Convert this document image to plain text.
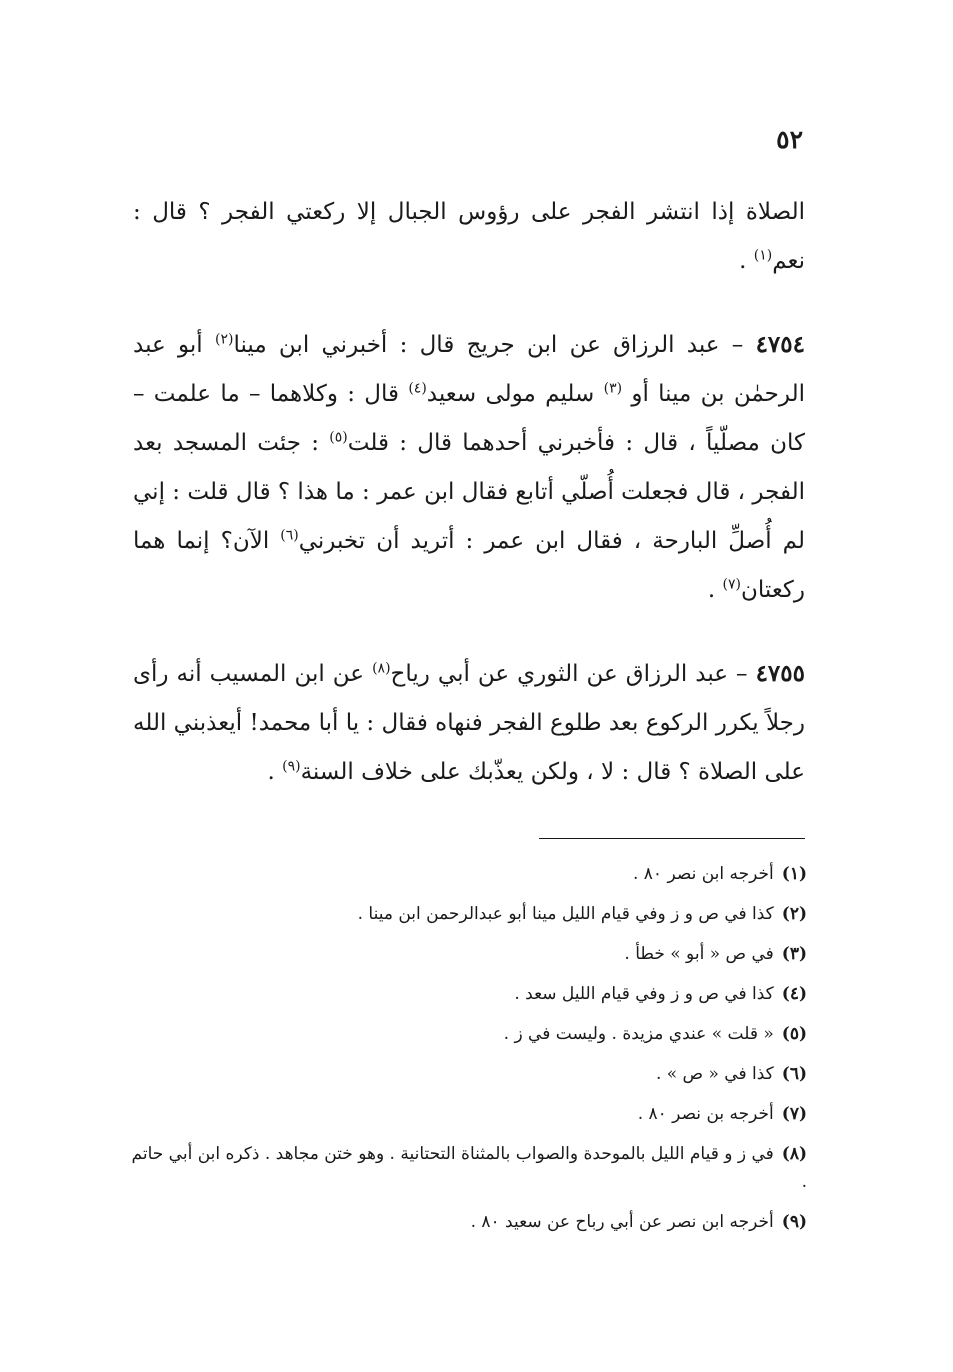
٥٢

الصلاة إذا انتشر الفجر على رؤوس الجبال إلا ركعتي الفجر ؟ قال : نعم$^{(١)}$ .

٤٧٥٤ – عبد الرزاق عن ابن جريج قال : أخبرني ابن مينا$^{(٢)}$ أبو عبد الرحمٰن بن مينا أو $^{(٣)}$ سليم مولى سعيد$^{(٤)}$ قال : وكلاهما – ما علمت – كان مصلّياً ، قال : فأخبرني أحدهما قال : قلت$^{(٥)}$ : جئت المسجد بعد الفجر ، قال فجعلت أُصلّي أتابع فقال ابن عمر : ما هذا ؟ قال قلت : إني لم أُصلِّ البارحة ، فقال ابن عمر : أتريد أن تخبرني$^{(٦)}$ الآن؟ إنما هما ركعتان$^{(٧)}$ .

٤٧٥٥ – عبد الرزاق عن الثوري عن أبي رياح$^{(٨)}$ عن ابن المسيب أنه رأى رجلاً يكرر الركوع بعد طلوع الفجر فنهاه فقال : يا أبا محمد! أيعذبني الله على الصلاة ؟ قال : لا ، ولكن يعذّبك على خلاف السنة$^{(٩)}$ .

(١)أخرجه ابن نصر ٨٠ .
(٢)كذا في ص و ز وفي قيام الليل مينا أبو عبدالرحمن ابن مينا .
(٣)في ص « أبو » خطأ .
(٤)كذا في ص و ز وفي قيام الليل سعد .
(٥)« قلت » عندي مزيدة . وليست في ز .
(٦)كذا في « ص » .
(٧)أخرجه بن نصر ٨٠ .
(٨)في ز و قيام الليل بالموحدة والصواب بالمثناة التحتانية . وهو ختن مجاهد . ذكره ابن أبي حاتم .
(٩)أخرجه ابن نصر عن أبي رباح عن سعيد ٨٠ .
